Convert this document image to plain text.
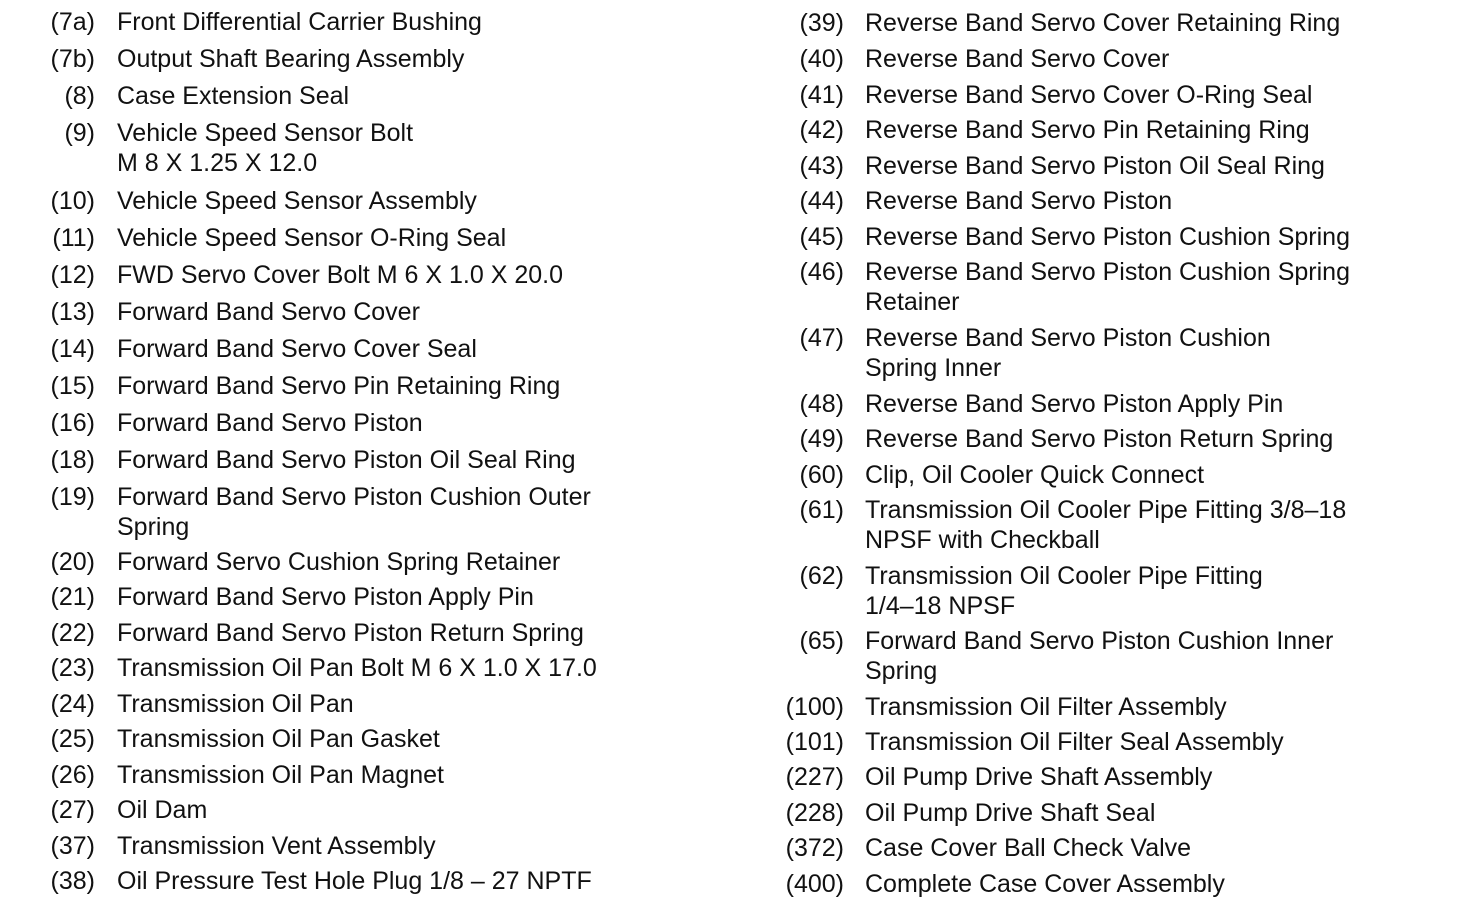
(7a) Front Differential Carrier Bushing
(7b) Output Shaft Bearing Assembly
(8) Case Extension Seal
(9) Vehicle Speed Sensor Bolt
M 8 X 1.25 X 12.0
(10) Vehicle Speed Sensor Assembly
(11) Vehicle Speed Sensor O-Ring Seal
(12) FWD Servo Cover Bolt M 6 X 1.0 X 20.0
(13) Forward Band Servo Cover
(14) Forward Band Servo Cover Seal
(15) Forward Band Servo Pin Retaining Ring
(16) Forward Band Servo Piston
(18) Forward Band Servo Piston Oil Seal Ring
(19) Forward Band Servo Piston Cushion Outer
Spring
(20) Forward Servo Cushion Spring Retainer
(21) Forward Band Servo Piston Apply Pin
(22) Forward Band Servo Piston Return Spring
(23) Transmission Oil Pan Bolt M 6 X 1.0 X 17.0
(24) Transmission Oil Pan
(25) Transmission Oil Pan Gasket
(26) Transmission Oil Pan Magnet
(27) Oil Dam
(37) Transmission Vent Assembly
(38) Oil Pressure Test Hole Plug 1/8 – 27 NPTF
(39) Reverse Band Servo Cover Retaining Ring
(40) Reverse Band Servo Cover
(41) Reverse Band Servo Cover O-Ring Seal
(42) Reverse Band Servo Pin Retaining Ring
(43) Reverse Band Servo Piston Oil Seal Ring
(44) Reverse Band Servo Piston
(45) Reverse Band Servo Piston Cushion Spring
(46) Reverse Band Servo Piston Cushion Spring
Retainer
(47) Reverse Band Servo Piston Cushion
Spring Inner
(48) Reverse Band Servo Piston Apply Pin
(49) Reverse Band Servo Piston Return Spring
(60) Clip, Oil Cooler Quick Connect
(61) Transmission Oil Cooler Pipe Fitting 3/8–18
NPSF with Checkball
(62) Transmission Oil Cooler Pipe Fitting
1/4–18 NPSF
(65) Forward Band Servo Piston Cushion Inner
Spring
(100) Transmission Oil Filter Assembly
(101) Transmission Oil Filter Seal Assembly
(227) Oil Pump Drive Shaft Assembly
(228) Oil Pump Drive Shaft Seal
(372) Case Cover Ball Check Valve
(400) Complete Case Cover Assembly
